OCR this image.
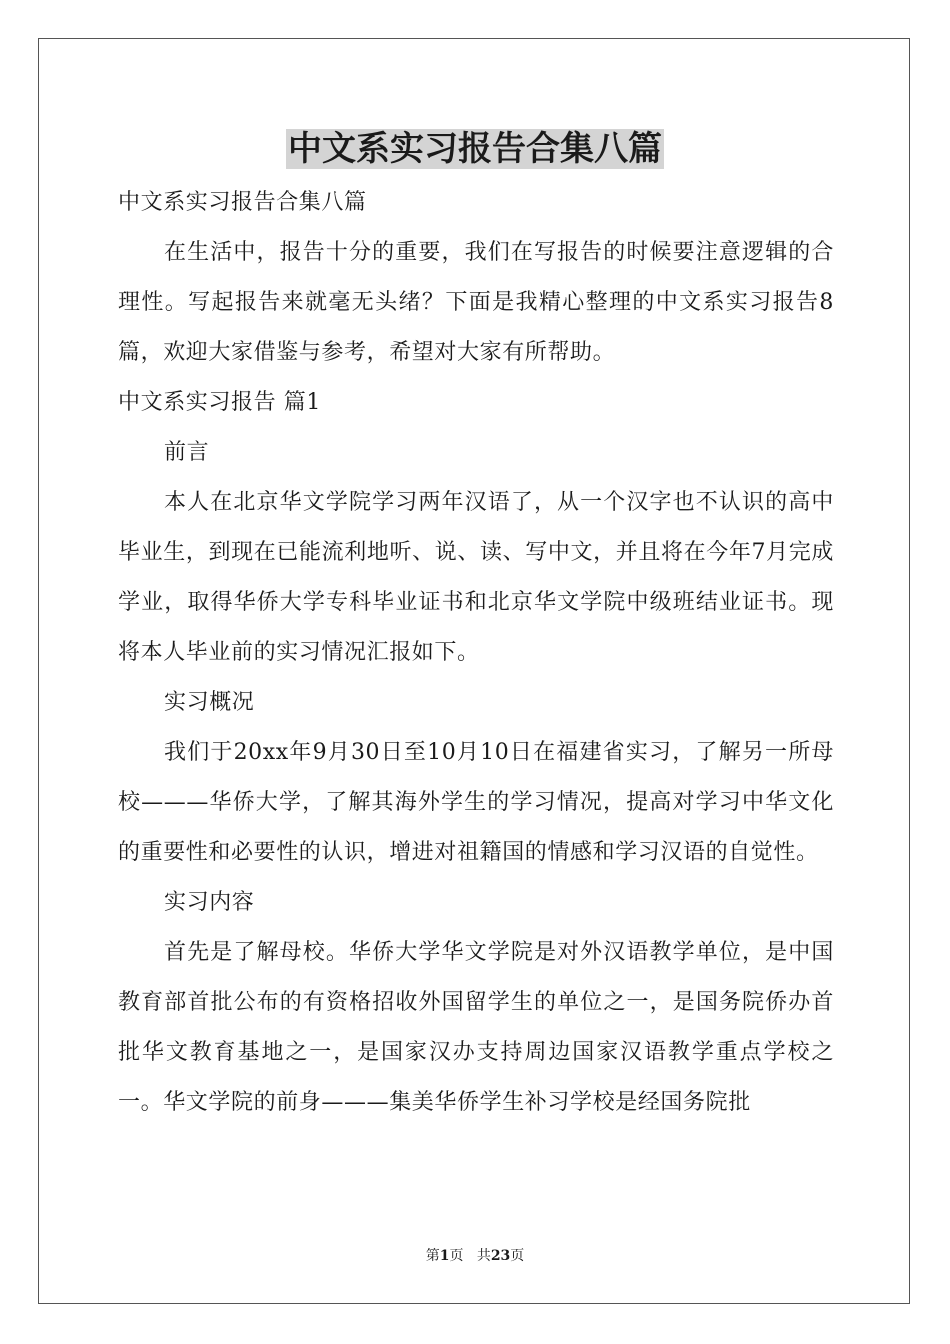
中文系实习报告合集八篇

中文系实习报告合集八篇

在生活中，报告十分的重要，我们在写报告的时候要注意逻辑的合理性。写起报告来就毫无头绪？下面是我精心整理的中文系实习报告8篇，欢迎大家借鉴与参考，希望对大家有所帮助。

中文系实习报告 篇1

前言

本人在北京华文学院学习两年汉语了，从一个汉字也不认识的高中毕业生，到现在已能流利地听、说、读、写中文，并且将在今年7月完成学业，取得华侨大学专科毕业证书和北京华文学院中级班结业证书。现将本人毕业前的实习情况汇报如下。

实习概况

我们于20xx年9月30日至10月10日在福建省实习，了解另一所母校———华侨大学，了解其海外学生的学习情况，提高对学习中华文化的重要性和必要性的认识，增进对祖籍国的情感和学习汉语的自觉性。

实习内容

首先是了解母校。华侨大学华文学院是对外汉语教学单位，是中国教育部首批公布的有资格招收外国留学生的单位之一，是国务院侨办首批华文教育基地之一，是国家汉办支持周边国家汉语教学重点学校之一。华文学院的前身———集美华侨学生补习学校是经国务院批

第1页 共23页
